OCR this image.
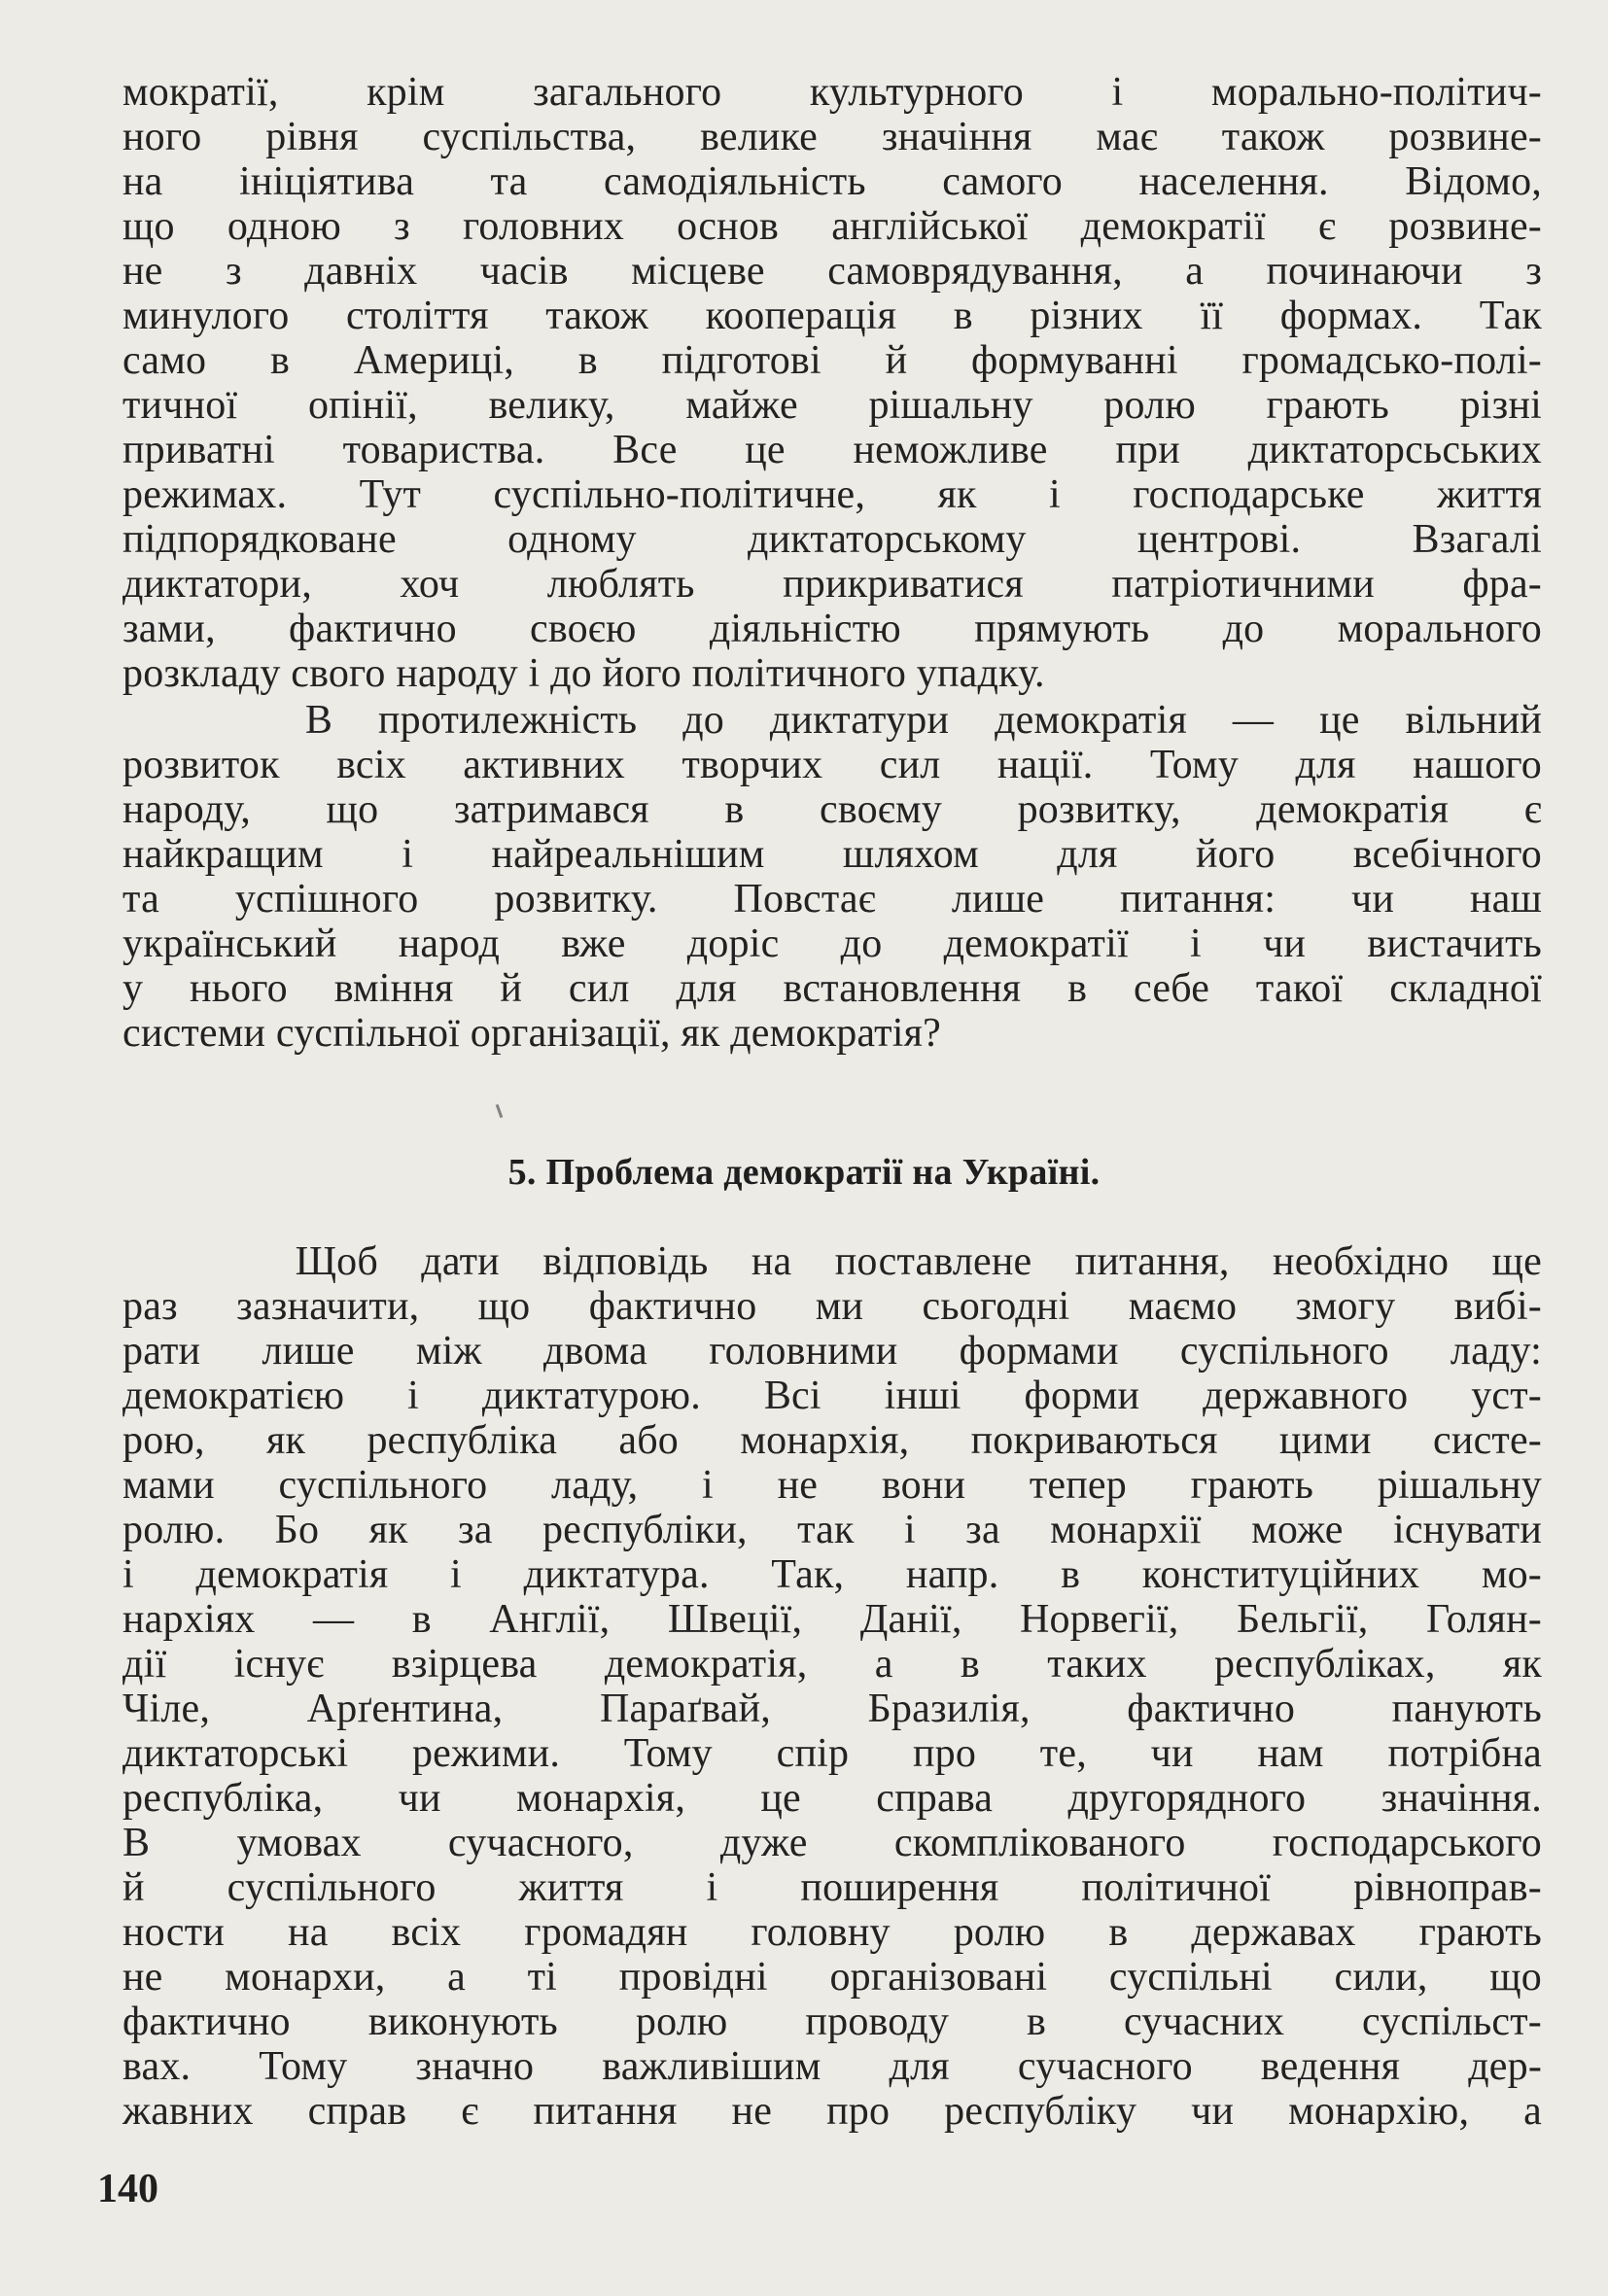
мократії, крім загального культурного і морально-політич-
ного рівня суспільства, велике значіння має також розвине-
на ініціятива та самодіяльність самого населення. Відомо,
що одною з головних основ англійської демократії є розвине-
не з давніх часів місцеве самоврядування, а починаючи з
минулого століття також кооперація в різних її формах. Так
само в Америці, в підготові й формуванні громадсько-полі-
тичної опінії, велику, майже рішальну ролю грають різні
приватні товариства. Все це неможливе при диктаторсьських
режимах. Тут суспільно-політичне, як і господарське життя
підпорядковане одному диктаторському центрові. Взагалі
диктатори, хоч люблять прикриватися патріотичними фра-
зами, фактично своєю діяльністю прямують до морального
розкладу свого народу і до його політичного упадку.
В протилежність до диктатури демократія — це вільний
розвиток всіх активних творчих сил нації. Тому для нашого
народу, що затримався в своєму розвитку, демократія є
найкращим і найреальнішим шляхом для його всебічного
та успішного розвитку. Повстає лише питання: чи наш
український народ вже доріс до демократії і чи вистачить
у нього вміння й сил для встановлення в себе такої складної
системи суспільної організації, як демократія?
5. Проблема демократії на Україні.
Щоб дати відповідь на поставлене питання, необхідно ще
раз зазначити, що фактично ми сьогодні маємо змогу вибі-
рати лише між двома головними формами суспільного ладу:
демократією і диктатурою. Всі інші форми державного уст-
рою, як республіка або монархія, покриваються цими систе-
мами суспільного ладу, і не вони тепер грають рішальну
ролю. Бо як за республіки, так і за монархії може існувати
і демократія і диктатура. Так, напр. в конституційних мо-
нархіях — в Англії, Швеції, Данії, Норвегії, Бельгії, Голян-
дії існує взірцева демократія, а в таких республіках, як
Чіле, Арґентина, Параґвай, Бразилія, фактично панують
диктаторські режими. Тому спір про те, чи нам потрібна
республіка, чи монархія, це справа другорядного значіння.
В умовах сучасного, дуже скомплікованого господарського
й суспільного життя і поширення політичної рівноправ-
ности на всіх громадян головну ролю в державах грають
не монархи, а ті провідні організовані суспільні сили, що
фактично виконують ролю проводу в сучасних суспільст-
вах. Тому значно важливішим для сучасного ведення дер-
жавних справ є питання не про республіку чи монархію, а
140
